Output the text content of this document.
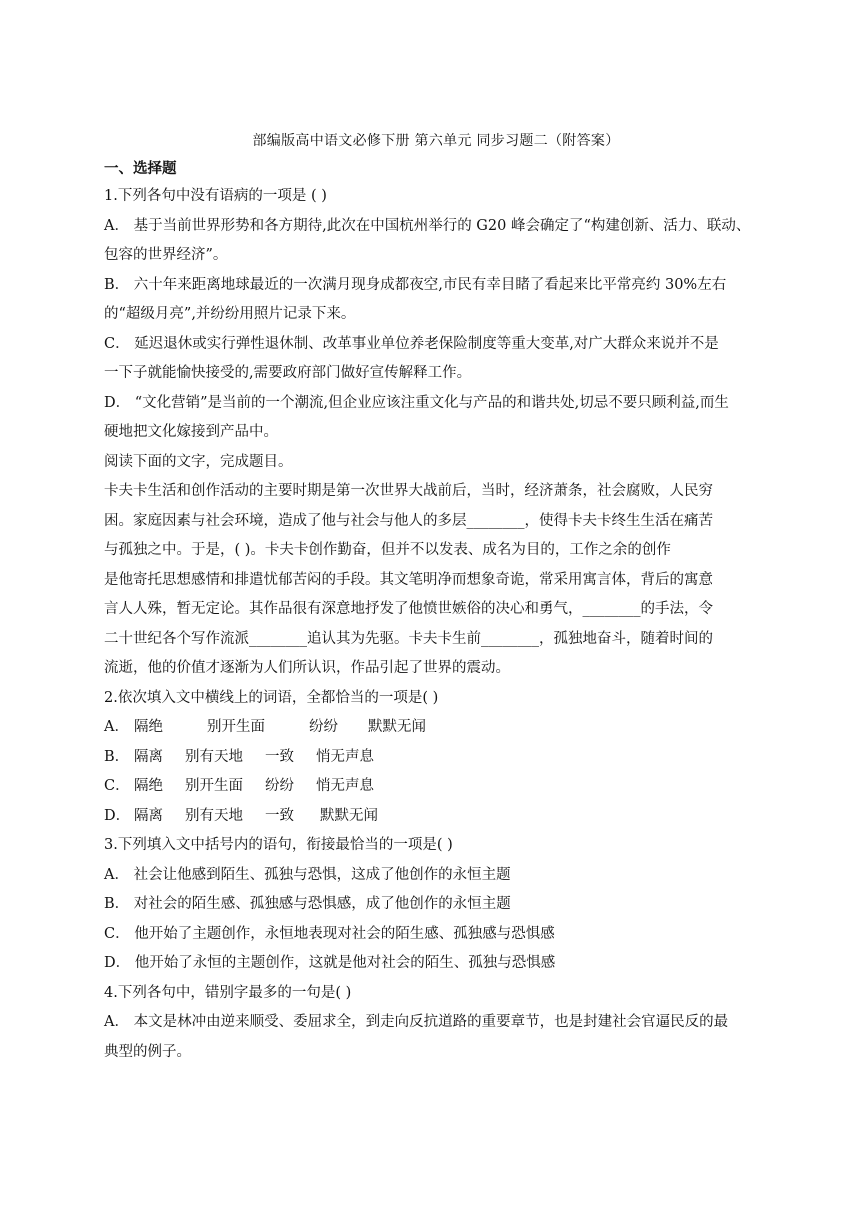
部编版高中语文必修下册 第六单元 同步习题二（附答案）
一、选择题
1.下列各句中没有语病的一项是 ( )
A． 基于当前世界形势和各方期待,此次在中国杭州举行的 G20 峰会确定了“构建创新、活力、联动、
包容的世界经济”。
B． 六十年来距离地球最近的一次满月现身成都夜空,市民有幸目睹了看起来比平常亮约 30%左右
的“超级月亮”,并纷纷用照片记录下来。
C． 延迟退休或实行弹性退休制、改革事业单位养老保险制度等重大变革,对广大群众来说并不是
一下子就能愉快接受的,需要政府部门做好宣传解释工作。
D． “文化营销”是当前的一个潮流,但企业应该注重文化与产品的和谐共处,切忌不要只顾利益,而生
硬地把文化嫁接到产品中。
阅读下面的文字，完成题目。
卡夫卡生活和创作活动的主要时期是第一次世界大战前后，当时，经济萧条，社会腐败，人民穷
困。家庭因素与社会环境，造成了他与社会与他人的多层________，使得卡夫卡终生生活在痛苦
与孤独之中。于是，( )。卡夫卡创作勤奋，但并不以发表、成名为目的，工作之余的创作
是他寄托思想感情和排遣忧郁苦闷的手段。其文笔明净而想象奇诡，常采用寓言体，背后的寓意
言人人殊，暂无定论。其作品很有深意地抒发了他愤世嫉俗的决心和勇气，________的手法，令
二十世纪各个写作流派________追认其为先驱。卡夫卡生前________，孤独地奋斗，随着时间的
流逝，他的价值才逐渐为人们所认识，作品引起了世界的震动。
2.依次填入文中横线上的词语，全都恰当的一项是( )
A． 隔绝	别开生面	纷纷 默默无闻
B． 隔离 别有天地 一致 悄无声息
C． 隔绝 别开生面 纷纷 悄无声息
D． 隔离 别有天地 一致 默默无闻
3.下列填入文中括号内的语句，衔接最恰当的一项是( )
A． 社会让他感到陌生、孤独与恐惧，这成了他创作的永恒主题
B． 对社会的陌生感、孤独感与恐惧感，成了他创作的永恒主题
C． 他开始了主题创作，永恒地表现对社会的陌生感、孤独感与恐惧感
D． 他开始了永恒的主题创作，这就是他对社会的陌生、孤独与恐惧感
4.下列各句中，错别字最多的一句是( )
A． 本文是林冲由逆来顺受、委屈求全，到走向反抗道路的重要章节，也是封建社会官逼民反的最
典型的例子。
